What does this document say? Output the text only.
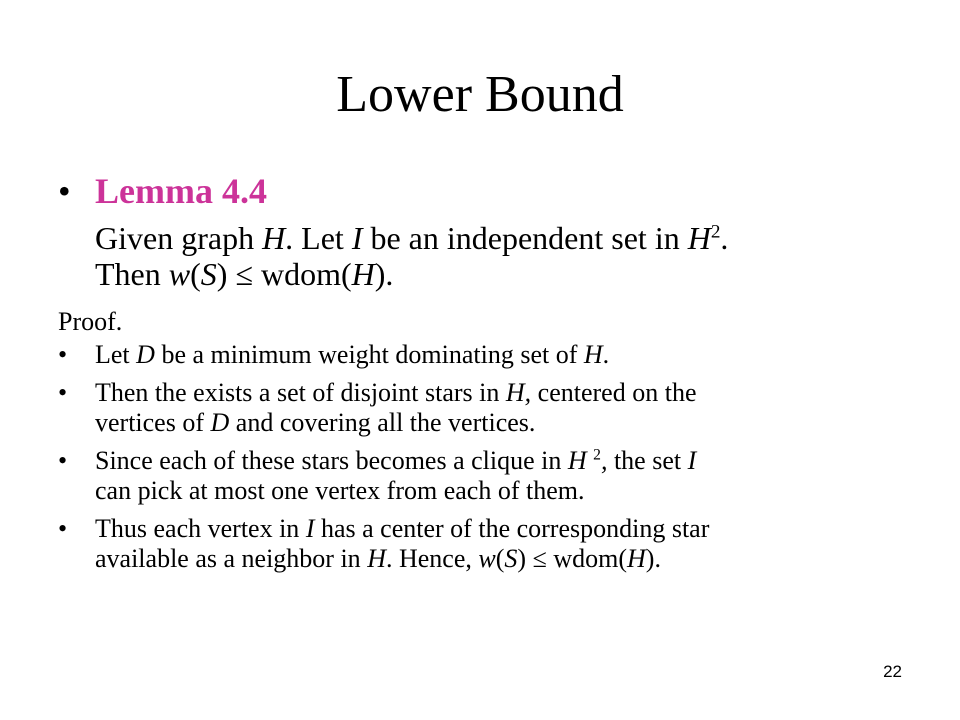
Lower Bound
• Lemma 4.4
Given graph H. Let I be an independent set in $H^2$.
Then w(S) ≤ wdom(H).
Proof.
• Let D be a minimum weight dominating set of H.
• Then the exists a set of disjoint stars in H, centered on the
vertices of D and covering all the vertices.
• Since each of these stars becomes a clique in H $^2$, the set I
can pick at most one vertex from each of them.
• Thus each vertex in I has a center of the corresponding star
available as a neighbor in H. Hence, w(S) ≤ wdom(H).
22
